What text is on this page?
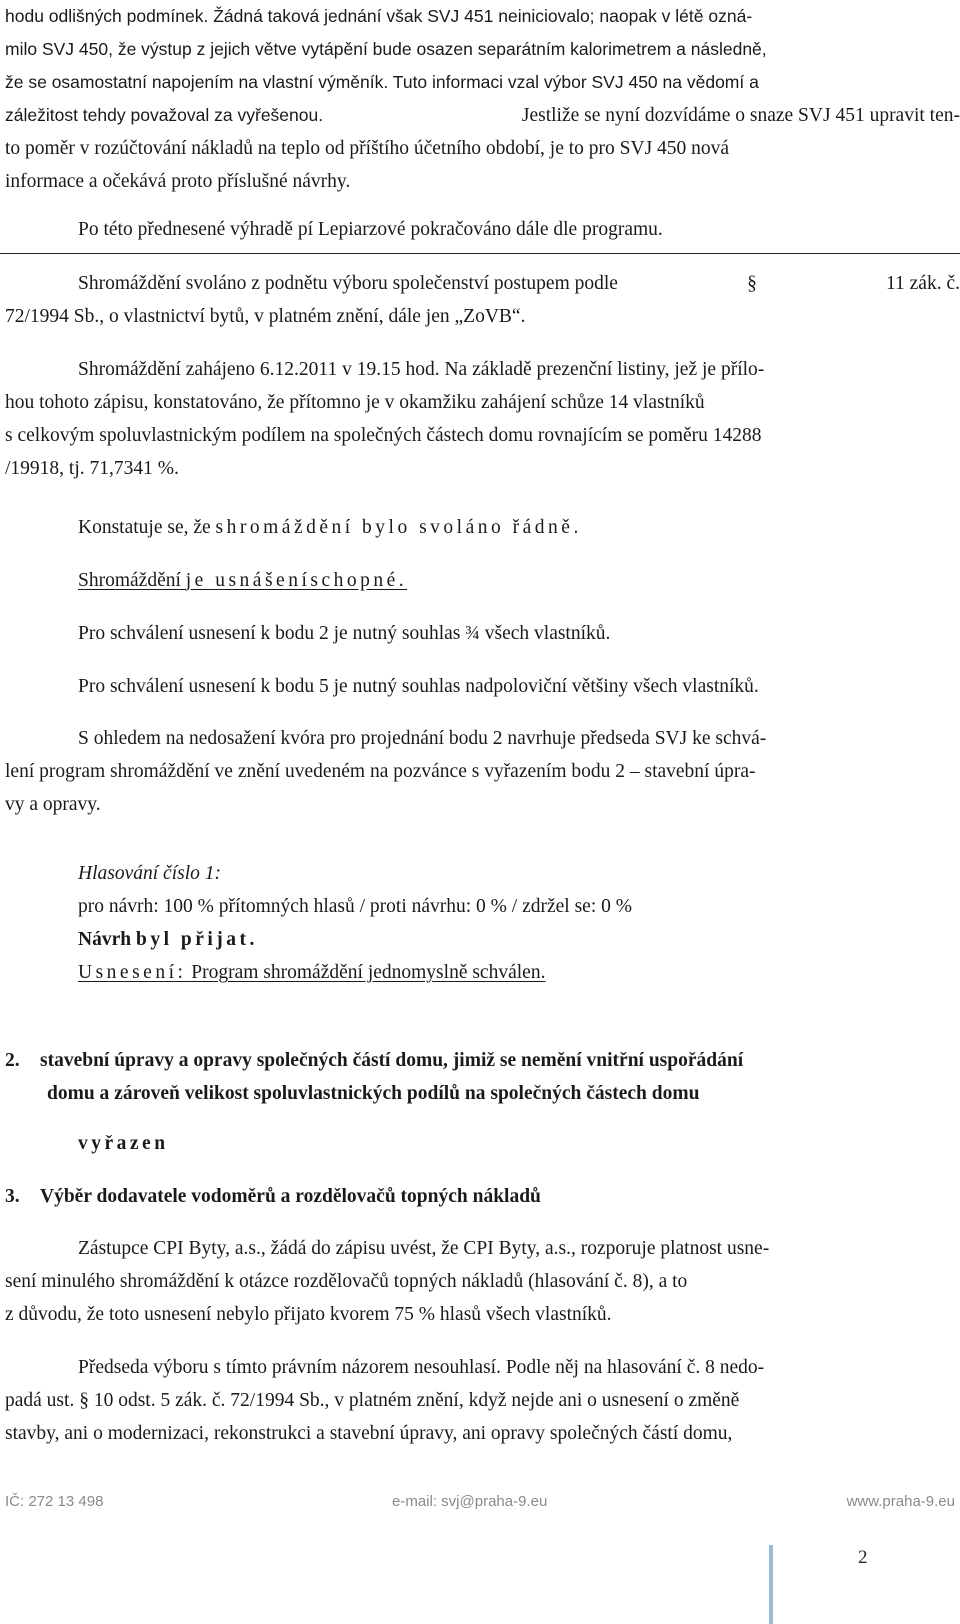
hodu odlišných podmínek. Žádná taková jednání však SVJ 451 neiniciovalo; naopak v létě ozná-
milo SVJ 450, že výstup z jejich větve vytápění bude osazen separátním kalorimetrem a následně,
že se osamostatní napojením na vlastní výměník. Tuto informaci vzal výbor SVJ 450 na vědomí a
záležitost tehdy považoval za vyřešenou.	Jestliže se nyní dozvídáme o snaze SVJ 451 upravit ten-
to poměr v rozúčtování nákladů na teplo od příštího účetního období, je to pro SVJ 450 nová
informace a očekává proto příslušné návrhy.
Po této přednesené výhradě pí Lepiarzové pokračováno dále dle programu.
Shromáždění svoláno z podnětu výboru společenství postupem podle	§	11 zák. č.
72/1994 Sb., o vlastnictví bytů, v platném znění, dále jen „ZoVB“.
Shromáždění zahájeno 6.12.2011 v 19.15 hod. Na základě prezenční listiny, jež je přílo-
hou tohoto zápisu, konstatováno, že přítomno je v okamžiku zahájení schůze 14 vlastníků
s celkovým spoluvlastnickým podílem na společných částech domu rovnajícím se poměru 14288
/19918, tj. 71,7341 %.
Konstatuje se, že shromáždění bylo svoláno řádně.
Shromáždění je usnášeníschopné.
Pro schválení usnesení k bodu 2 je nutný souhlas ¾ všech vlastníků.
Pro schválení usnesení k bodu 5 je nutný souhlas nadpoloviční většiny všech vlastníků.
S ohledem na nedosažení kvóra pro projednání bodu 2 navrhuje předseda SVJ ke schvá-
lení program shromáždění ve znění uvedeném na pozvánce s vyřazením bodu 2 – stavební úpra-
vy a opravy.
Hlasování číslo 1:
pro návrh: 100 % přítomných hlasů / proti návrhu: 0 % / zdržel se: 0 %
Návrh byl přijat.
Usnesení: Program shromáždění jednomyslně schválen.
2.	stavební úpravy a opravy společných částí domu, jimiž se nemění vnitřní uspořádání
domu a zároveň velikost spoluvlastnických podílů na společných částech domu
vyřazen
3.	Výběr dodavatele vodoměrů a rozdělovačů topných nákladů
Zástupce CPI Byty, a.s., žádá do zápisu uvést, že CPI Byty, a.s., rozporuje platnost usne-
sení minulého shromáždění k otázce rozdělovačů topných nákladů (hlasování č. 8), a to
z důvodu, že toto usnesení nebylo přijato kvorem 75 % hlasů všech vlastníků.
Předseda výboru s tímto právním názorem nesouhlasí. Podle něj na hlasování č. 8 nedo-
padá ust. § 10 odst. 5 zák. č. 72/1994 Sb., v platném znění, když nejde ani o usnesení o změně
stavby, ani o modernizaci, rekonstrukci a stavební úpravy, ani opravy společných částí domu,
IČ: 272 13 498	e-mail: svj@praha-9.eu	www.praha-9.eu
2
